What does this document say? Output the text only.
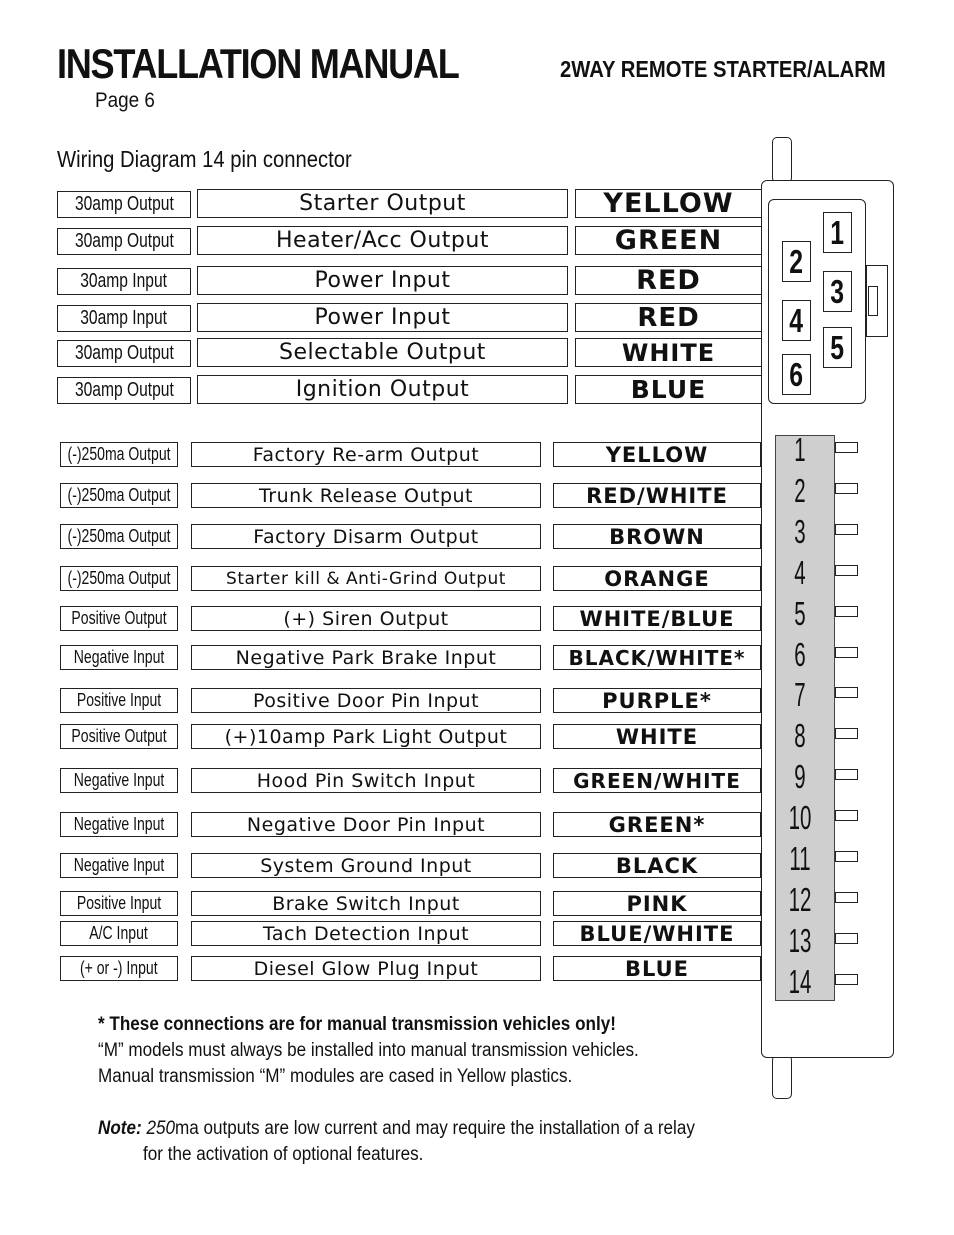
INSTALLATION MANUAL	2WAY REMOTE STARTER/ALARM
Page 6
Wiring Diagram 14 pin connector
30amp Output	Starter Output	YELLOW
30amp Output	Heater/Acc Output	GREEN
30amp Input	Power Input	RED
30amp Input	Power Input	RED
30amp Output	Selectable Output	WHITE
30amp Output	Ignition Output	BLUE
1
2
3
4
5
6
(-)250ma Output	Factory Re-arm Output	YELLOW
(-)250ma Output	Trunk Release Output	RED/WHITE
(-)250ma Output	Factory Disarm Output	BROWN
(-)250ma Output	Starter kill & Anti-Grind Output	ORANGE
Positive Output	(+) Siren Output	WHITE/BLUE
Negative Input	Negative Park Brake Input	BLACK/WHITE*
Positive Input	Positive Door Pin Input	PURPLE*
Positive Output	(+)10amp Park Light Output	WHITE
Negative Input	Hood Pin Switch Input	GREEN/WHITE
Negative Input	Negative Door Pin Input	GREEN*
Negative Input	System Ground Input	BLACK
Positive Input	Brake Switch Input	PINK
A/C Input	Tach Detection Input	BLUE/WHITE
(+ or -) Input	Diesel Glow Plug Input	BLUE
1
2
3
4
5
6
7
8
9
10
11
12
13
14
* These connections are for manual transmission vehicles only!
“M” models must always be installed into manual transmission vehicles.
Manual transmission “M” modules are cased in Yellow plastics.
Note: 250ma outputs are low current and may require the installation of a relay
for the activation of optional features.
